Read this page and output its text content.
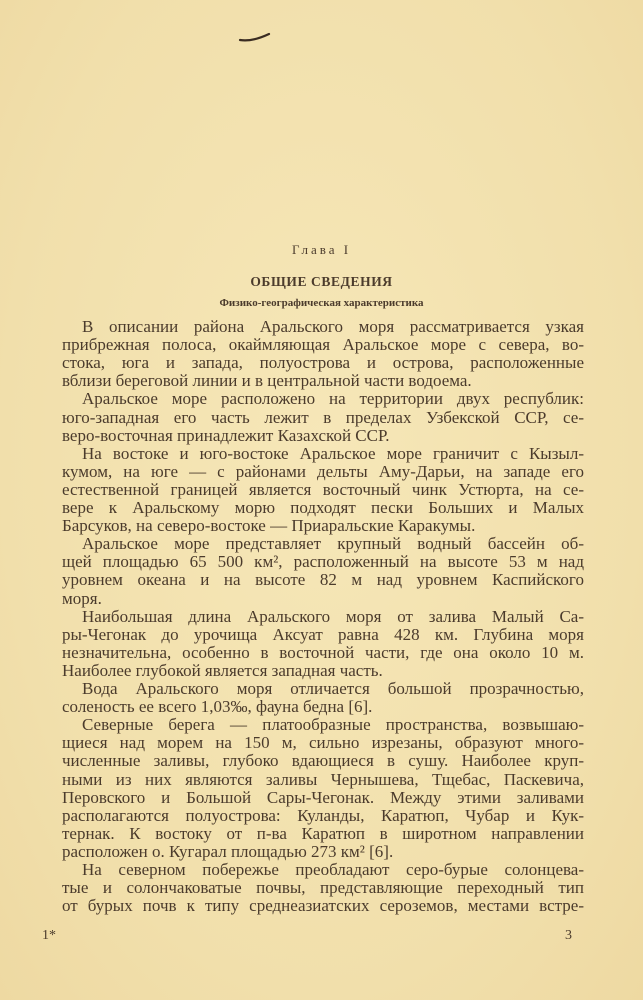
Глава I
ОБЩИЕ СВЕДЕНИЯ
Физико-географическая характеристика
В описании района Аральского моря рассматривается узкая
прибрежная полоса, окаймляющая Аральское море с севера, во-
стока, юга и запада, полуострова и острова, расположенные
вблизи береговой линии и в центральной части водоема.
Аральское море расположено на территории двух республик:
юго-западная его часть лежит в пределах Узбекской ССР, се-
веро-восточная принадлежит Казахской ССР.
На востоке и юго-востоке Аральское море граничит с Кызыл-
кумом, на юге — с районами дельты Аму-Дарьи, на западе его
естественной границей является восточный чинк Устюрта, на се-
вере к Аральскому морю подходят пески Больших и Малых
Барсуков, на северо-востоке — Приаральские Каракумы.
Аральское море представляет крупный водный бассейн об-
щей площадью 65 500 км², расположенный на высоте 53 м над
уровнем океана и на высоте 82 м над уровнем Каспийского
моря.
Наибольшая длина Аральского моря от залива Малый Са-
ры-Чегонак до урочища Аксуат равна 428 км. Глубина моря
незначительна, особенно в восточной части, где она около 10 м.
Наиболее глубокой является западная часть.
Вода Аральского моря отличается большой прозрачностью,
соленость ее всего 1,03‰, фауна бедна [6].
Северные берега — платообразные пространства, возвышаю-
щиеся над морем на 150 м, сильно изрезаны, образуют много-
численные заливы, глубоко вдающиеся в сушу. Наиболее круп-
ными из них являются заливы Чернышева, Тщебас, Паскевича,
Перовского и Большой Сары-Чегонак. Между этими заливами
располагаются полуострова: Куланды, Каратюп, Чубар и Кук-
тернак. К востоку от п-ва Каратюп в широтном направлении
расположен о. Кугарал площадью 273 км² [6].
На северном побережье преобладают серо-бурые солонцева-
тые и солончаковатые почвы, представляющие переходный тип
от бурых почв к типу среднеазиатских сероземов, местами встре-
1*	3
